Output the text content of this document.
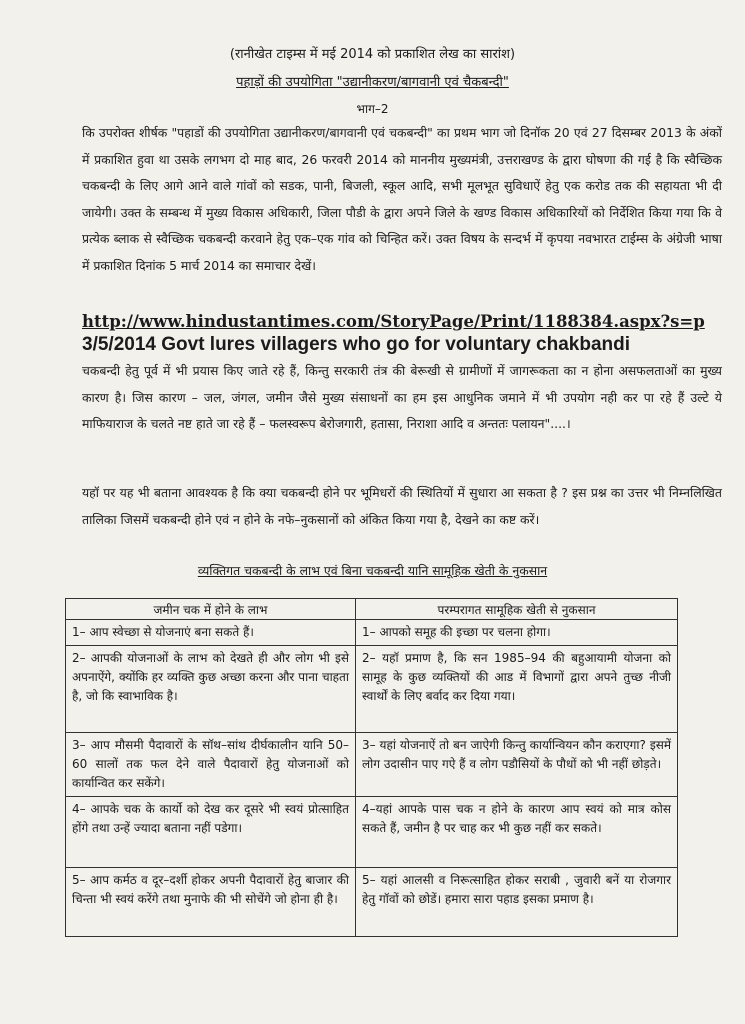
(रानीखेत टाइम्स में मई 2014 को प्रकाशित लेख का सारांश)
पहाड़ों की उपयोगिता "उद्यानीकरण/बागवानी एवं चैकबन्दी"
भाग–2
कि उपरोक्त शीर्षक "पहाडों की उपयोगिता उद्यानीकरण/बागवानी एवं चकबन्दी" का प्रथम भाग जो दिनॉक 20 एवं 27 दिसम्बर 2013 के अंकों में प्रकाशित हुवा था उसके लगभग दो माह बाद, 26 फरवरी 2014 को माननीय मुख्यमंत्री, उत्तराखण्ड के द्वारा घोषणा की गई है कि स्वैच्छिक चकबन्दी के लिए आगे आने वाले गांवों को सडक, पानी, बिजली, स्कूल आदि, सभी मूलभूत सुविधाऐं हेतु एक करोड तक की सहायता भी दी जायेगी। उक्त के सम्बन्ध में मुख्य विकास अधिकारी, जिला पौडी के द्वारा अपने जिले के खण्ड विकास अधिकारियों को निर्देशित किया गया कि वे प्रत्येक ब्लाक से स्वैच्छिक चकबन्दी करवाने हेतु एक–एक गांव को चिन्हित करें। उक्त विषय के सन्दर्भ में कृपया नवभारत टाईम्स के अंग्रेजी भाषा में प्रकाशित दिनांक 5 मार्च 2014 का समाचार देखें।
http://www.hindustantimes.com/StoryPage/Print/1188384.aspx?s=p
3/5/2014 Govt lures villagers who go for voluntary chakbandi
चकबन्दी हेतु पूर्व में भी प्रयास किए जाते रहे हैं, किन्तु सरकारी तंत्र की बेरूखी से ग्रामीणों में जागरूकता का न होना असफलताओं का मुख्य कारण है। जिस कारण – जल, जंगल, जमीन जैसे मुख्य संसाधनों का हम इस आधुनिक जमाने में भी उपयोग नही कर पा रहे हैं उल्टे ये माफियाराज के चलते नष्ट हाते जा रहे हैं – फलस्वरूप बेरोजगारी, हतासा, निराशा आदि व अन्ततः पलायन"....।
यहॉ पर यह भी बताना आवश्यक है कि क्या चकबन्दी होने पर भूमिधरों की स्थितियों में सुधारा आ सकता है ? इस प्रश्न का उत्तर भी निम्नलिखित तालिका जिसमें चकबन्दी होने एवं न होने के नफे–नुकसानों को अंकित किया गया है, देखने का कष्ट करें।
व्यक्तिगत चकबन्दी के लाभ एवं बिना चकबन्दी यानि सामूहिक खेती के नुकसान
जमीन चक में होने के लाभ	परम्परागत सामूहिक खेती से नुकसान
1– आप स्वेच्छा से योजनाएं बना सकते हैं।	1– आपको समूह की इच्छा पर चलना होगा।
2– आपकी योजनाओं के लाभ को देखते ही और लोग भी इसे अपनाऐंगे, क्योंकि हर व्यक्ति कुछ अच्छा करना और पाना चाहता है, जो कि स्वाभाविक है।	2– यहॉ प्रमाण है, कि सन 1985–94 की बहुआयामी योजना को सामूह के कुछ व्यक्तियों की आड में विभागों द्वारा अपने तुच्छ नीजी स्वार्थों के लिए बर्वाद कर दिया गया।
3– आप मौसमी पैदावारों के सॉथ–सांथ दीर्घकालीन यानि 50–60 सालों तक फल देने वाले पैदावारों हेतु योजनाओं को कार्यान्वित कर सकेंगे।	3– यहां योजनाऐं तो बन जाऐगी किन्तु कार्यान्वियन कौन कराएगा? इसमें लोग उदासीन पाए गऐ हैं व लोग पडौसियों के पौधों को भी नहीं छोड़ते।
4– आपके चक के कार्यो को देख कर दूसरे भी स्वयं प्रोत्साहित होंगे तथा उन्हें ज्यादा बताना नहीं पडेगा।	4–यहां आपके पास चक न होने के कारण आप स्वयं को मात्र कोस सकते हैं, जमीन है पर चाह कर भी कुछ नहीं कर सकते।
5– आप कर्मठ व दूर–दर्शी होकर अपनी पैदावारों हेतु बाजार की चिन्ता भी स्वयं करेंगे तथा मुनाफे की भी सोचेंगे जो होना ही है।	5– यहां आलसी व निरूत्साहित होकर सराबी , जुवारी बनें या रोजगार हेतु गॉवों को छोडें। हमारा सारा पहाड इसका प्रमाण है।
